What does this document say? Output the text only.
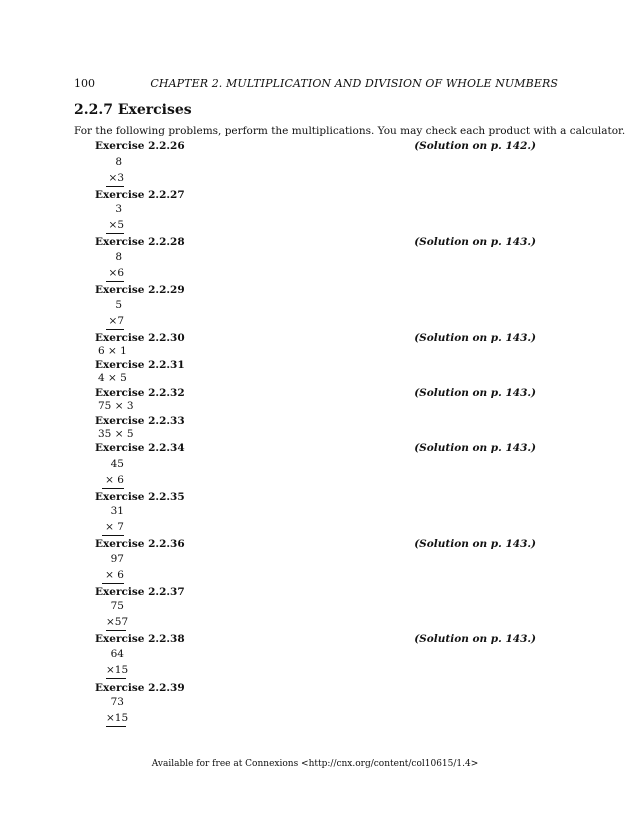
100	CHAPTER 2. MULTIPLICATION AND DIVISION OF WHOLE NUMBERS
2.2.7 Exercises
For the following problems, perform the multiplications. You may check each product with a calculator.
Exercise 2.2.26	(Solution on p. 142.)
8
×3
Exercise 2.2.27
3
×5
Exercise 2.2.28	(Solution on p. 143.)
8
×6
Exercise 2.2.29
5
×7
Exercise 2.2.30	(Solution on p. 143.)
6 × 1
Exercise 2.2.31
4 × 5
Exercise 2.2.32	(Solution on p. 143.)
75 × 3
Exercise 2.2.33
35 × 5
Exercise 2.2.34	(Solution on p. 143.)
45
× 6
Exercise 2.2.35
31
× 7
Exercise 2.2.36	(Solution on p. 143.)
97
× 6
Exercise 2.2.37
75
×57
Exercise 2.2.38	(Solution on p. 143.)
64
×15
Exercise 2.2.39
73
×15
Available for free at Connexions <http://cnx.org/content/col10615/1.4>
